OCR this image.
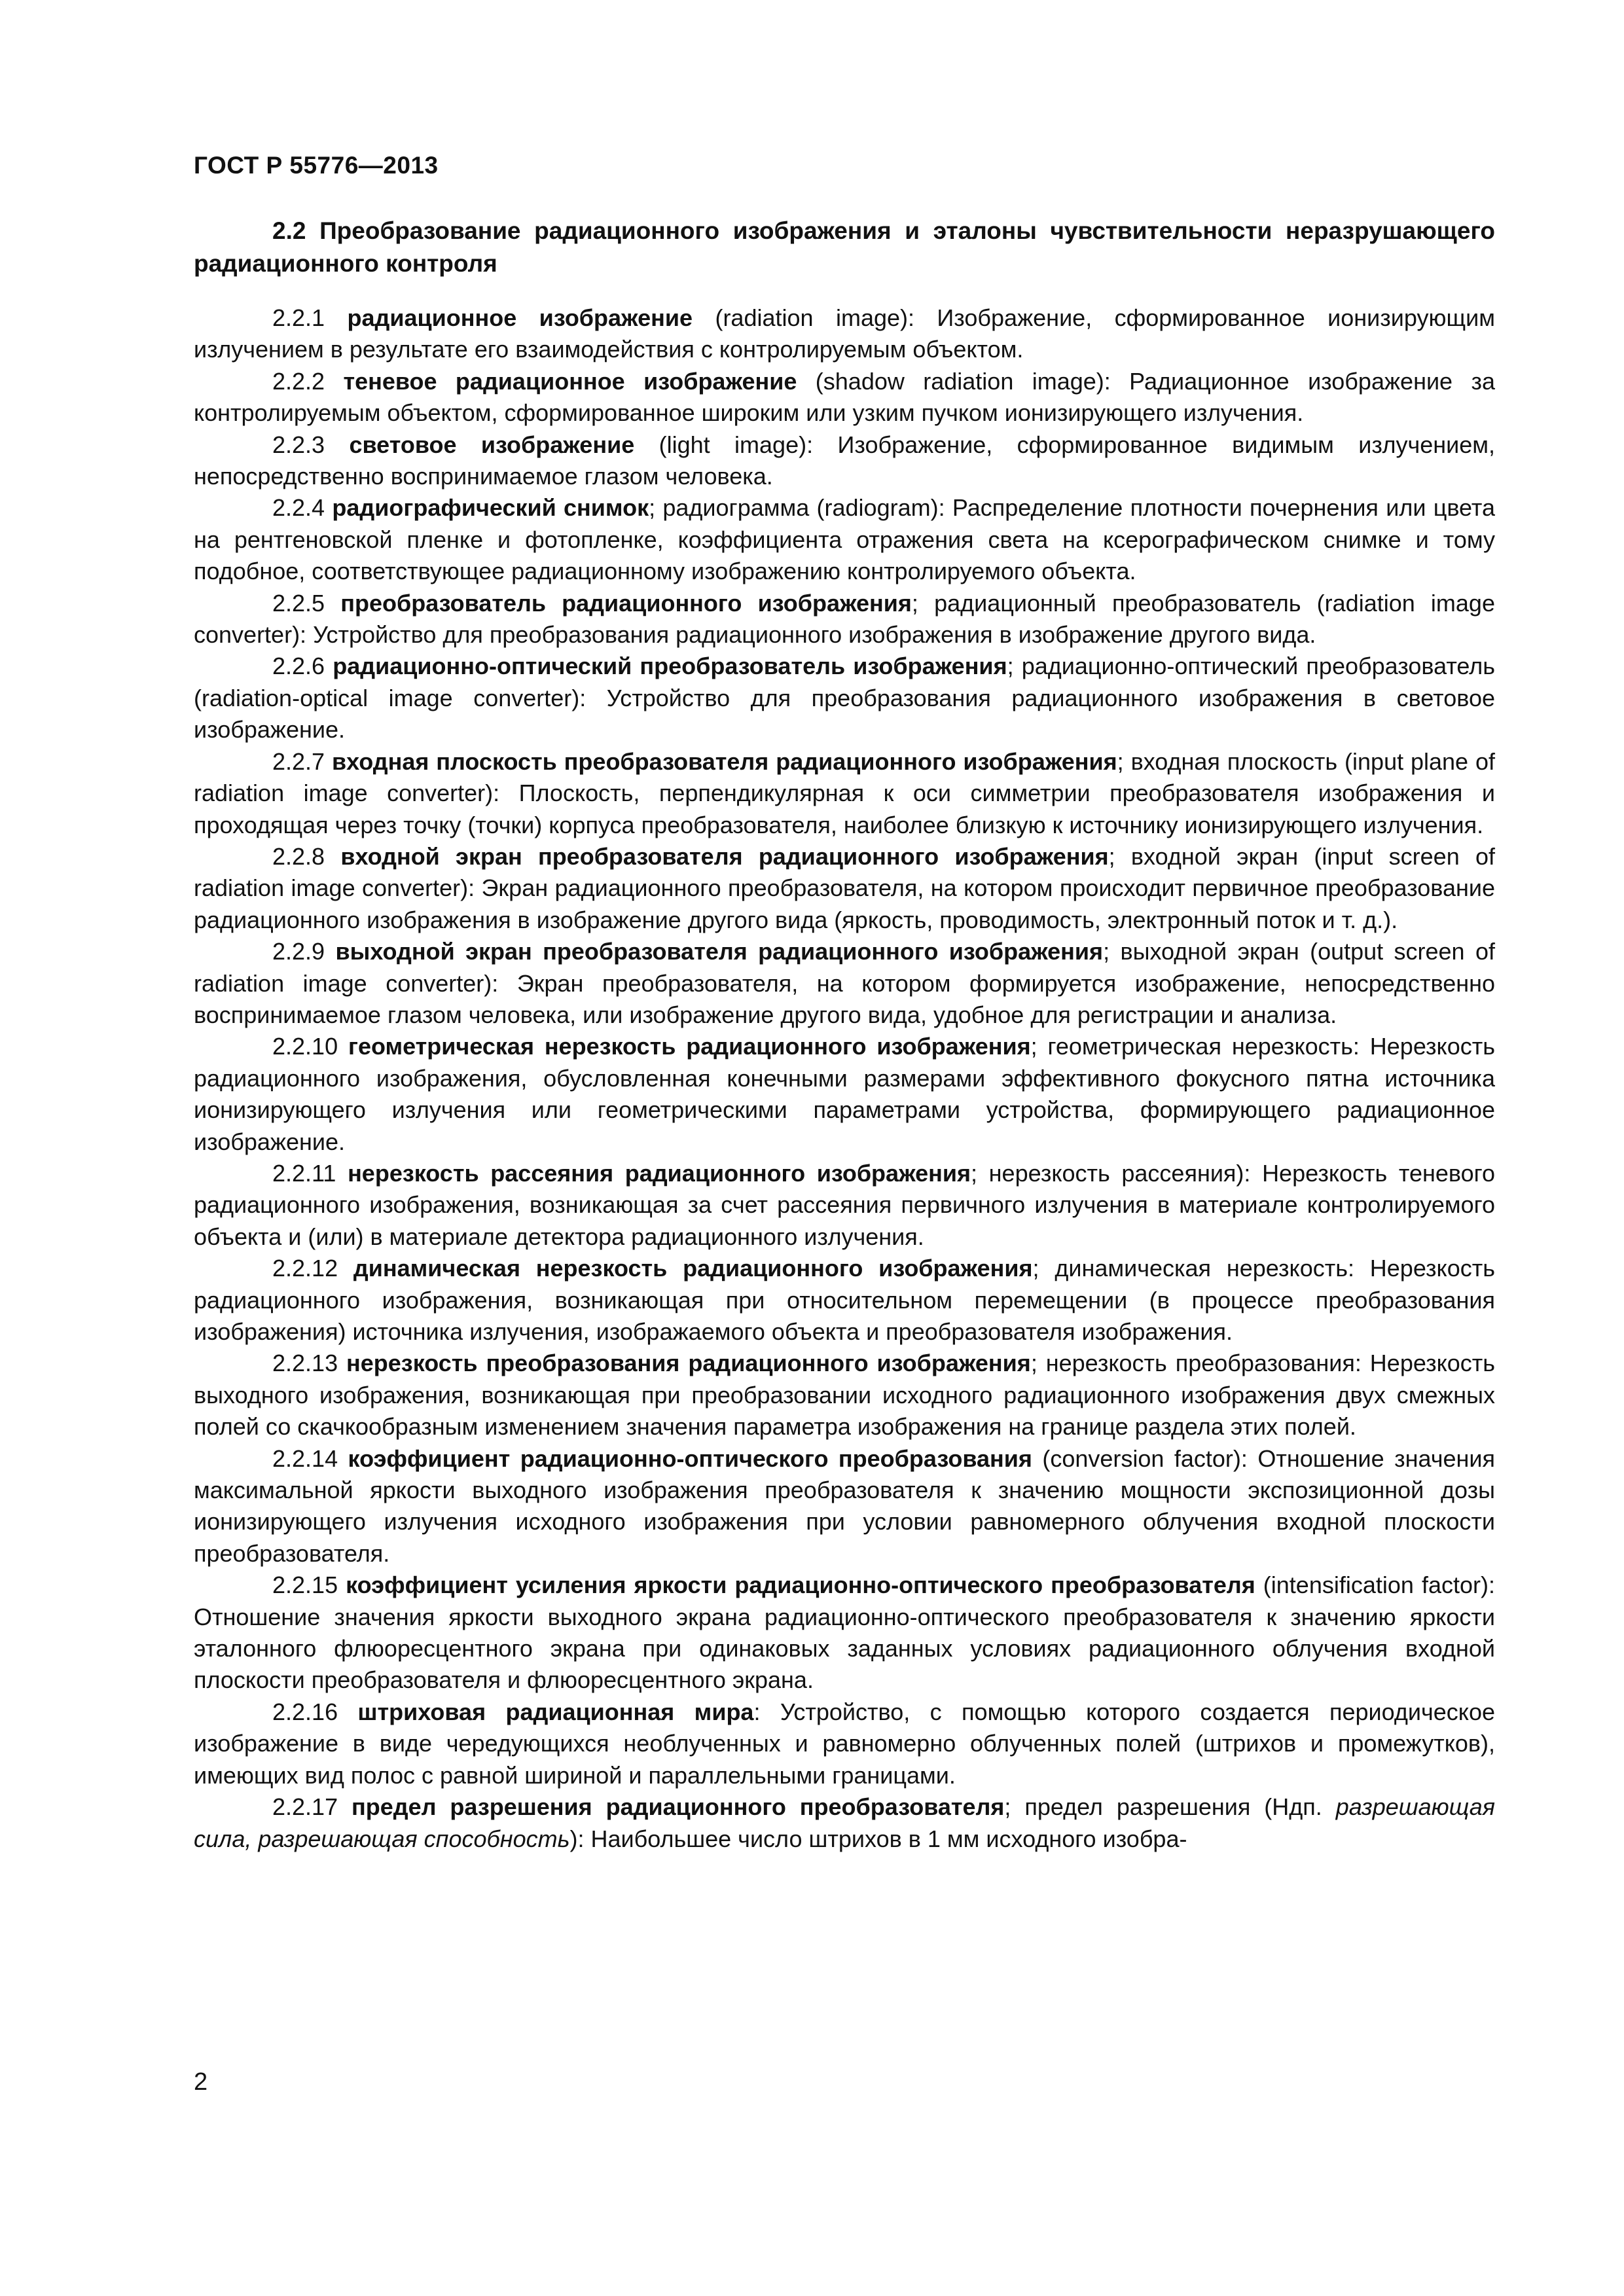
ГОСТ Р 55776—2013
2.2 Преобразование радиационного изображения и эталоны чувствительности неразрушающего радиационного контроля

2.2.1 радиационное изображение (radiation image): Изображение, сформированное ионизирующим излучением в результате его взаимодействия с контролируемым объектом.

2.2.2 теневое радиационное изображение (shadow radiation image): Радиационное изображение за контролируемым объектом, сформированное широким или узким пучком ионизирующего излучения.

2.2.3 световое изображение (light image): Изображение, сформированное видимым излучением, непосредственно воспринимаемое глазом человека.

2.2.4 радиографический снимок; радиограмма (radiogram): Распределение плотности почернения или цвета на рентгеновской пленке и фотопленке, коэффициента отражения света на ксерографическом снимке и тому подобное, соответствующее радиационному изображению контролируемого объекта.

2.2.5 преобразователь радиационного изображения; радиационный преобразователь (radiation image converter): Устройство для преобразования радиационного изображения в изображение другого вида.

2.2.6 радиационно-оптический преобразователь изображения; радиационно-оптический преобразователь (radiation-optical image converter): Устройство для преобразования радиационного изображения в световое изображение.

2.2.7 входная плоскость преобразователя радиационного изображения; входная плоскость (input plane of radiation image converter): Плоскость, перпендикулярная к оси симметрии преобразователя изображения и проходящая через точку (точки) корпуса преобразователя, наиболее близкую к источнику ионизирующего излучения.

2.2.8 входной экран преобразователя радиационного изображения; входной экран (input screen of radiation image converter): Экран радиационного преобразователя, на котором происходит первичное преобразование радиационного изображения в изображение другого вида (яркость, проводимость, электронный поток и т. д.).

2.2.9 выходной экран преобразователя радиационного изображения; выходной экран (output screen of radiation image converter): Экран преобразователя, на котором формируется изображение, непосредственно воспринимаемое глазом человека, или изображение другого вида, удобное для регистрации и анализа.

2.2.10 геометрическая нерезкость радиационного изображения; геометрическая нерезкость: Нерезкость радиационного изображения, обусловленная конечными размерами эффективного фокусного пятна источника ионизирующего излучения или геометрическими параметрами устройства, формирующего радиационное изображение.

2.2.11 нерезкость рассеяния радиационного изображения; нерезкость рассеяния): Нерезкость теневого радиационного изображения, возникающая за счет рассеяния первичного излучения в материале контролируемого объекта и (или) в материале детектора радиационного излучения.

2.2.12 динамическая нерезкость радиационного изображения; динамическая нерезкость: Нерезкость радиационного изображения, возникающая при относительном перемещении (в процессе преобразования изображения) источника излучения, изображаемого объекта и преобразователя изображения.

2.2.13 нерезкость преобразования радиационного изображения; нерезкость преобразования: Нерезкость выходного изображения, возникающая при преобразовании исходного радиационного изображения двух смежных полей со скачкообразным изменением значения параметра изображения на границе раздела этих полей.

2.2.14 коэффициент радиационно-оптического преобразования (conversion factor): Отношение значения максимальной яркости выходного изображения преобразователя к значению мощности экспозиционной дозы ионизирующего излучения исходного изображения при условии равномерного облучения входной плоскости преобразователя.

2.2.15 коэффициент усиления яркости радиационно-оптического преобразователя (intensification factor): Отношение значения яркости выходного экрана радиационно-оптического преобразователя к значению яркости эталонного флюоресцентного экрана при одинаковых заданных условиях радиационного облучения входной плоскости преобразователя и флюоресцентного экрана.

2.2.16 штриховая радиационная мира: Устройство, с помощью которого создается периодическое изображение в виде чередующихся необлученных и равномерно облученных полей (штрихов и промежутков), имеющих вид полос с равной шириной и параллельными границами.

2.2.17 предел разрешения радиационного преобразователя; предел разрешения (Ндп. разрешающая сила, разрешающая способность): Наибольшее число штрихов в 1 мм исходного изобра-

2
